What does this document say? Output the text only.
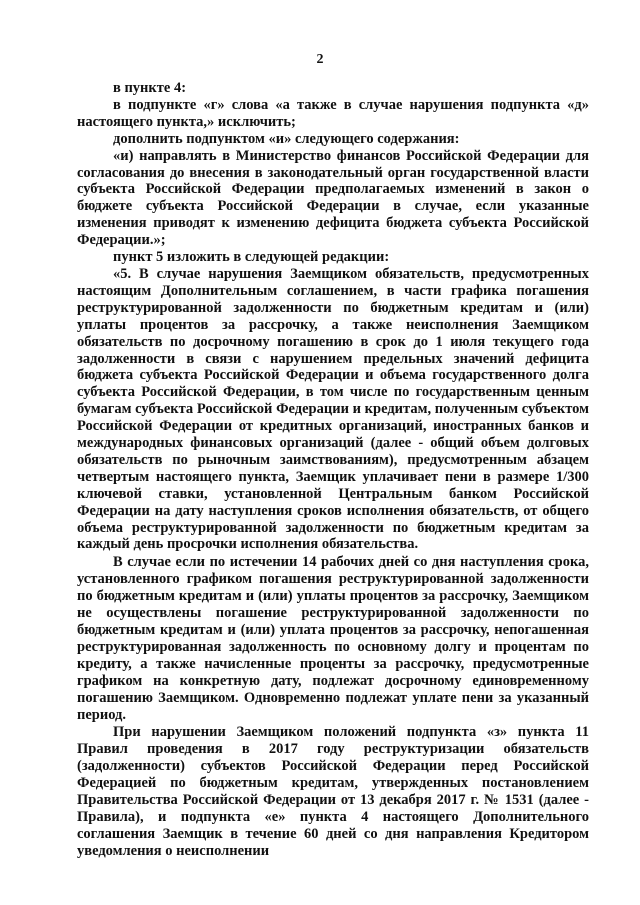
2

в пункте 4:

в подпункте «г» слова «а также в случае нарушения подпункта «д» настоящего пункта,» исключить;

дополнить подпунктом «и» следующего содержания:

«и) направлять в Министерство финансов Российской Федерации для согласования до внесения в законодательный орган государственной власти субъекта Российской Федерации предполагаемых изменений в закон о бюджете субъекта Российской Федерации в случае, если указанные изменения приводят к изменению дефицита бюджета субъекта Российской Федерации.»;

пункт 5 изложить в следующей редакции:

«5. В случае нарушения Заемщиком обязательств, предусмотренных настоящим Дополнительным соглашением, в части графика погашения реструктурированной задолженности по бюджетным кредитам и (или) уплаты процентов за рассрочку, а также неисполнения Заемщиком обязательств по досрочному погашению в срок до 1 июля текущего года задолженности в связи с нарушением предельных значений дефицита бюджета субъекта Российской Федерации и объема государственного долга субъекта Российской Федерации, в том числе по государственным ценным бумагам субъекта Российской Федерации и кредитам, полученным субъектом Российской Федерации от кредитных организаций, иностранных банков и международных финансовых организаций (далее - общий объем долговых обязательств по рыночным заимствованиям), предусмотренным абзацем четвертым настоящего пункта, Заемщик уплачивает пени в размере 1/300 ключевой ставки, установленной Центральным банком Российской Федерации на дату наступления сроков исполнения обязательств, от общего объема реструктурированной задолженности по бюджетным кредитам за каждый день просрочки исполнения обязательства.

В случае если по истечении 14 рабочих дней со дня наступления срока, установленного графиком погашения реструктурированной задолженности по бюджетным кредитам и (или) уплаты процентов за рассрочку, Заемщиком не осуществлены погашение реструктурированной задолженности по бюджетным кредитам и (или) уплата процентов за рассрочку, непогашенная реструктурированная задолженность по основному долгу и процентам по кредиту, а также начисленные проценты за рассрочку, предусмотренные графиком на конкретную дату, подлежат досрочному единовременному погашению Заемщиком. Одновременно подлежат уплате пени за указанный период.

При нарушении Заемщиком положений подпункта «з» пункта 11 Правил проведения в 2017 году реструктуризации обязательств (задолженности) субъектов Российской Федерации перед Российской Федерацией по бюджетным кредитам, утвержденных постановлением Правительства Российской Федерации от 13 декабря 2017 г. № 1531 (далее - Правила), и подпункта «е» пункта 4 настоящего Дополнительного соглашения Заемщик в течение 60 дней со дня направления Кредитором уведомления о неисполнении
